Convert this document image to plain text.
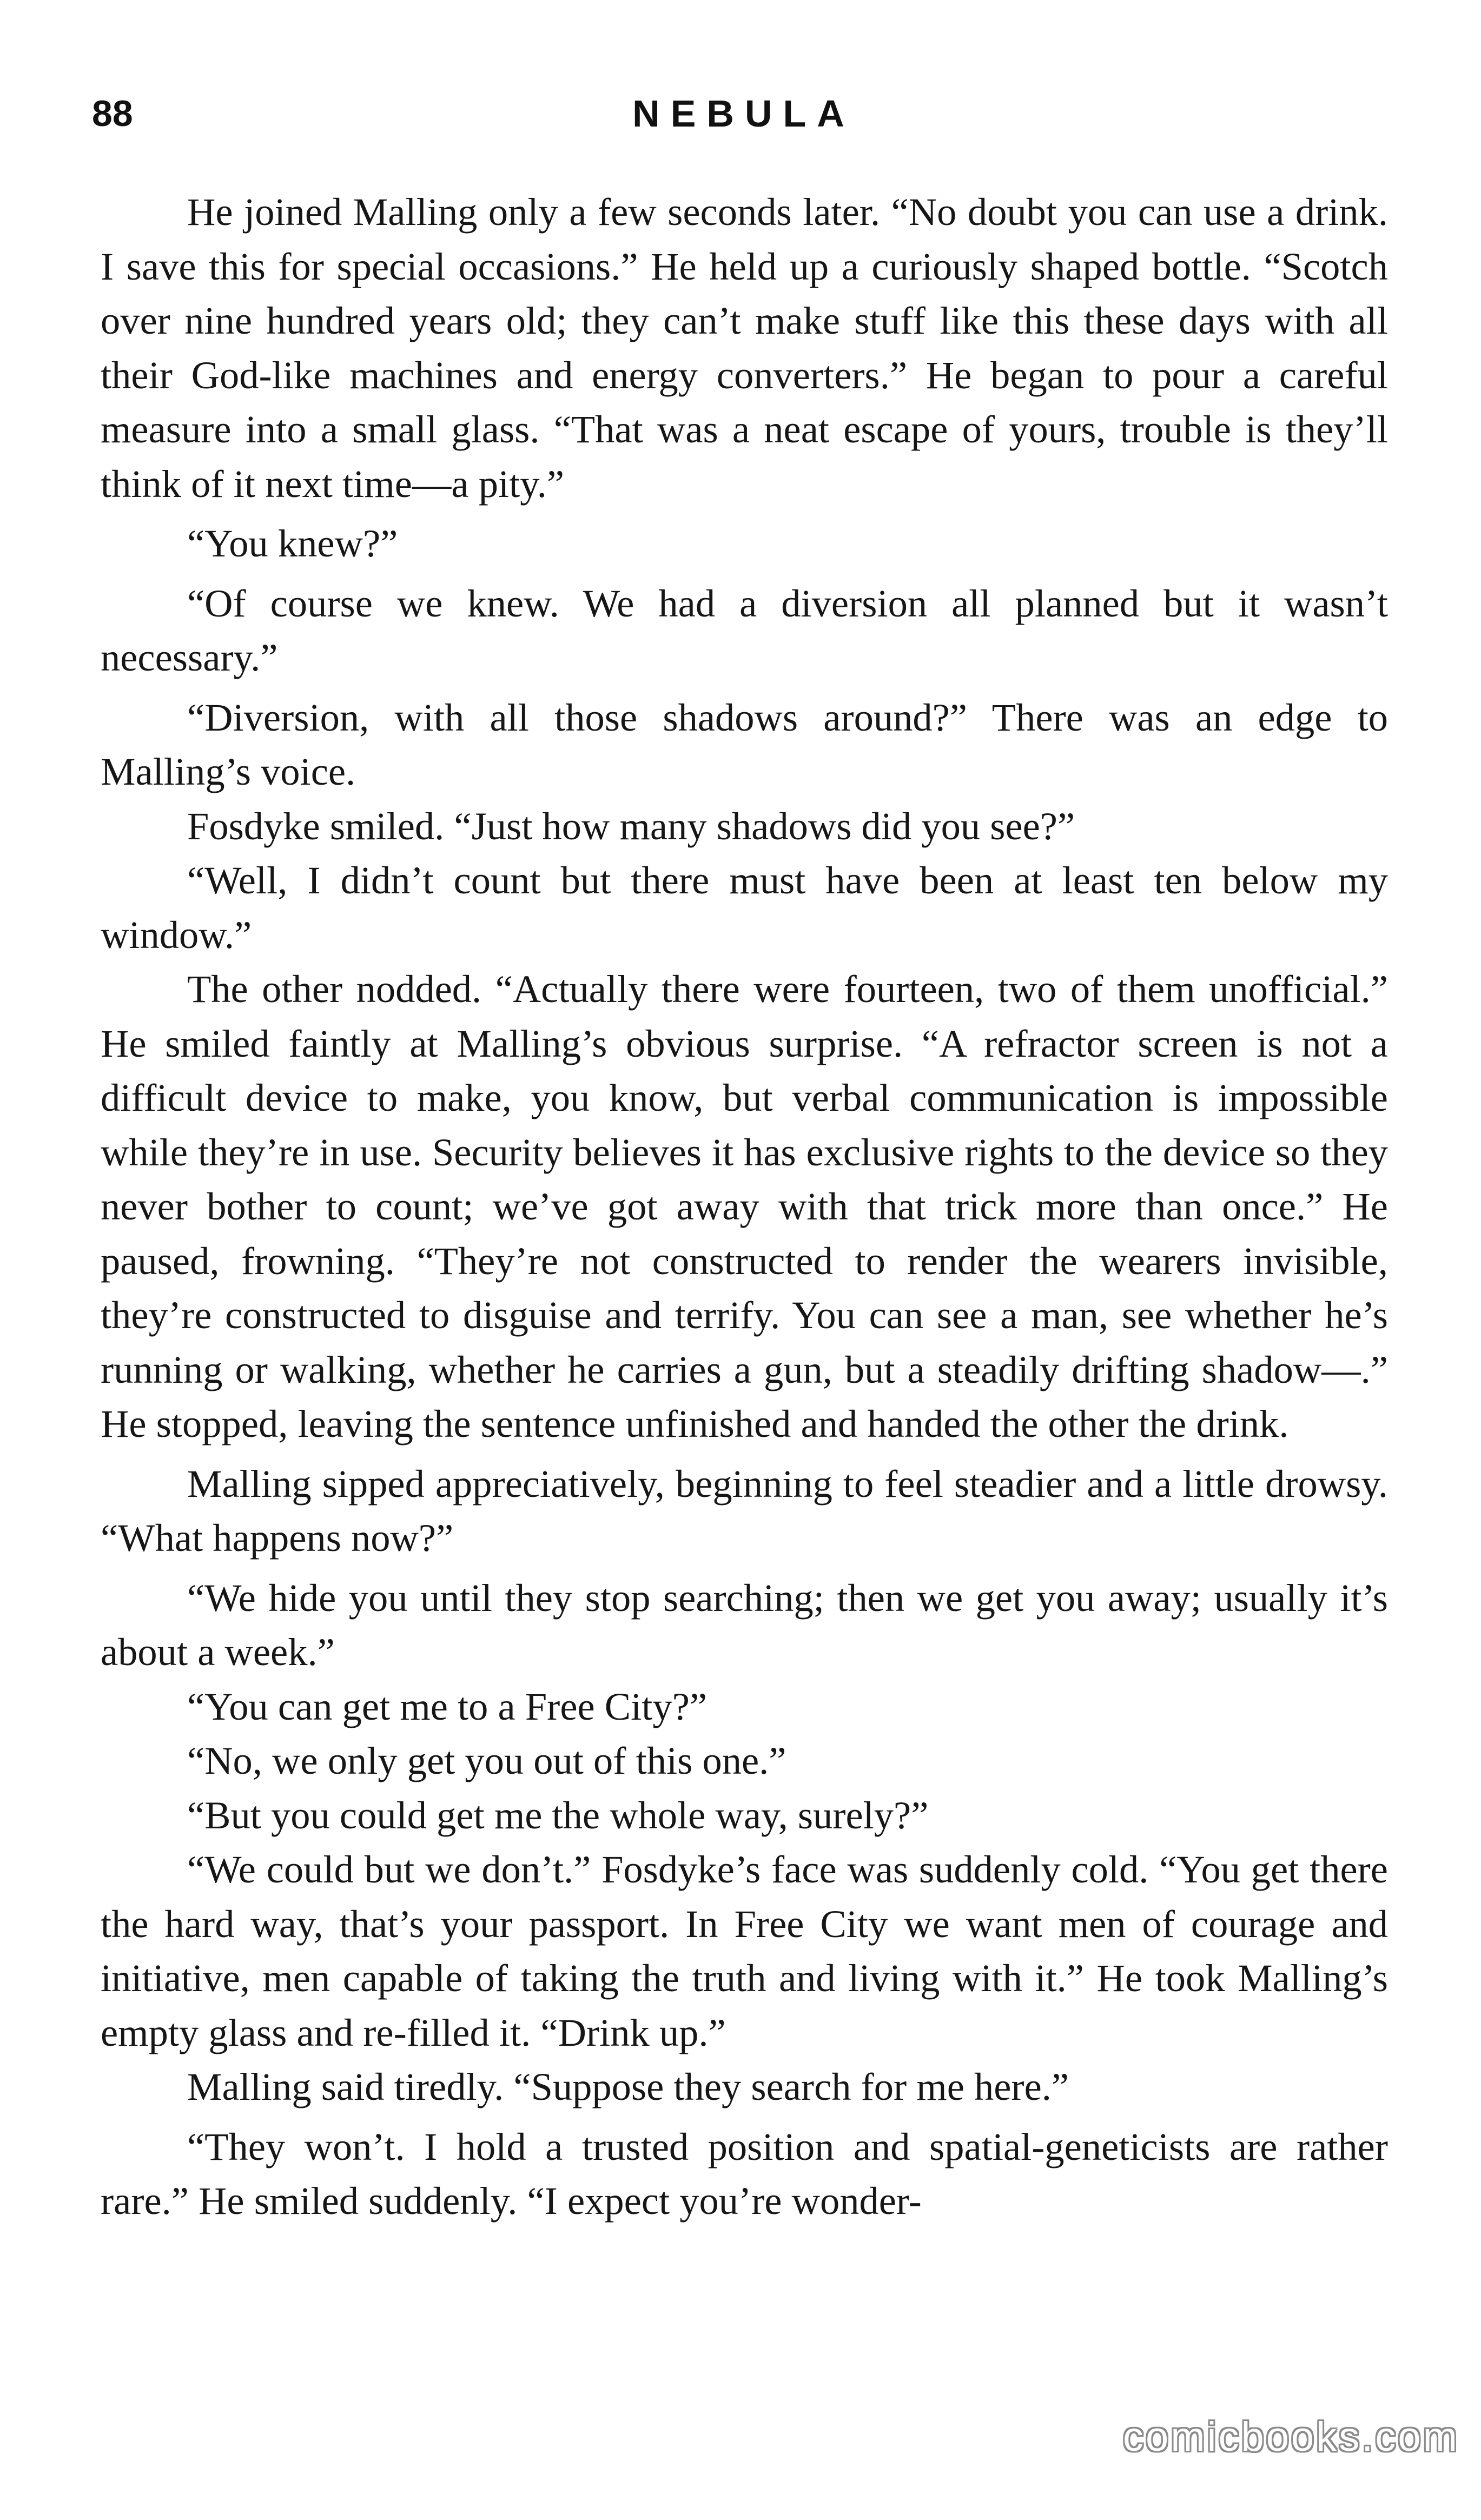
88	NEBULA

He joined Malling only a few seconds later. “No doubt you can use a drink. I save this for special occasions.” He held up a curiously shaped bottle. “Scotch over nine hundred years old; they can’t make stuff like this these days with all their God-like machines and energy converters.” He began to pour a careful measure into a small glass. “That was a neat escape of yours, trouble is they’ll think of it next time—a pity.”

“You knew?”

“Of course we knew. We had a diversion all planned but it wasn’t necessary.”

“Diversion, with all those shadows around?” There was an edge to Malling’s voice.

Fosdyke smiled. “Just how many shadows did you see?”

“Well, I didn’t count but there must have been at least ten below my window.”

The other nodded. “Actually there were fourteen, two of them unofficial.” He smiled faintly at Malling’s obvious surprise. “A refractor screen is not a difficult device to make, you know, but verbal communication is impossible while they’re in use. Security believes it has exclusive rights to the device so they never bother to count; we’ve got away with that trick more than once.” He paused, frowning. “They’re not constructed to render the wearers invisible, they’re constructed to disguise and terrify. You can see a man, see whether he’s running or walking, whether he carries a gun, but a steadily drifting shadow—.” He stopped, leaving the sentence unfinished and handed the other the drink.

Malling sipped appreciatively, beginning to feel steadier and a little drowsy. “What happens now?”

“We hide you until they stop searching; then we get you away; usually it’s about a week.”

“You can get me to a Free City?”

“No, we only get you out of this one.”

“But you could get me the whole way, surely?”

“We could but we don’t.” Fosdyke’s face was suddenly cold. “You get there the hard way, that’s your passport. In Free City we want men of courage and initiative, men capable of taking the truth and living with it.” He took Malling’s empty glass and re-filled it. “Drink up.”

Malling said tiredly. “Suppose they search for me here.”

“They won’t. I hold a trusted position and spatial-geneticists are rather rare.” He smiled suddenly. “I expect you’re wonder-

comicbooks.com
